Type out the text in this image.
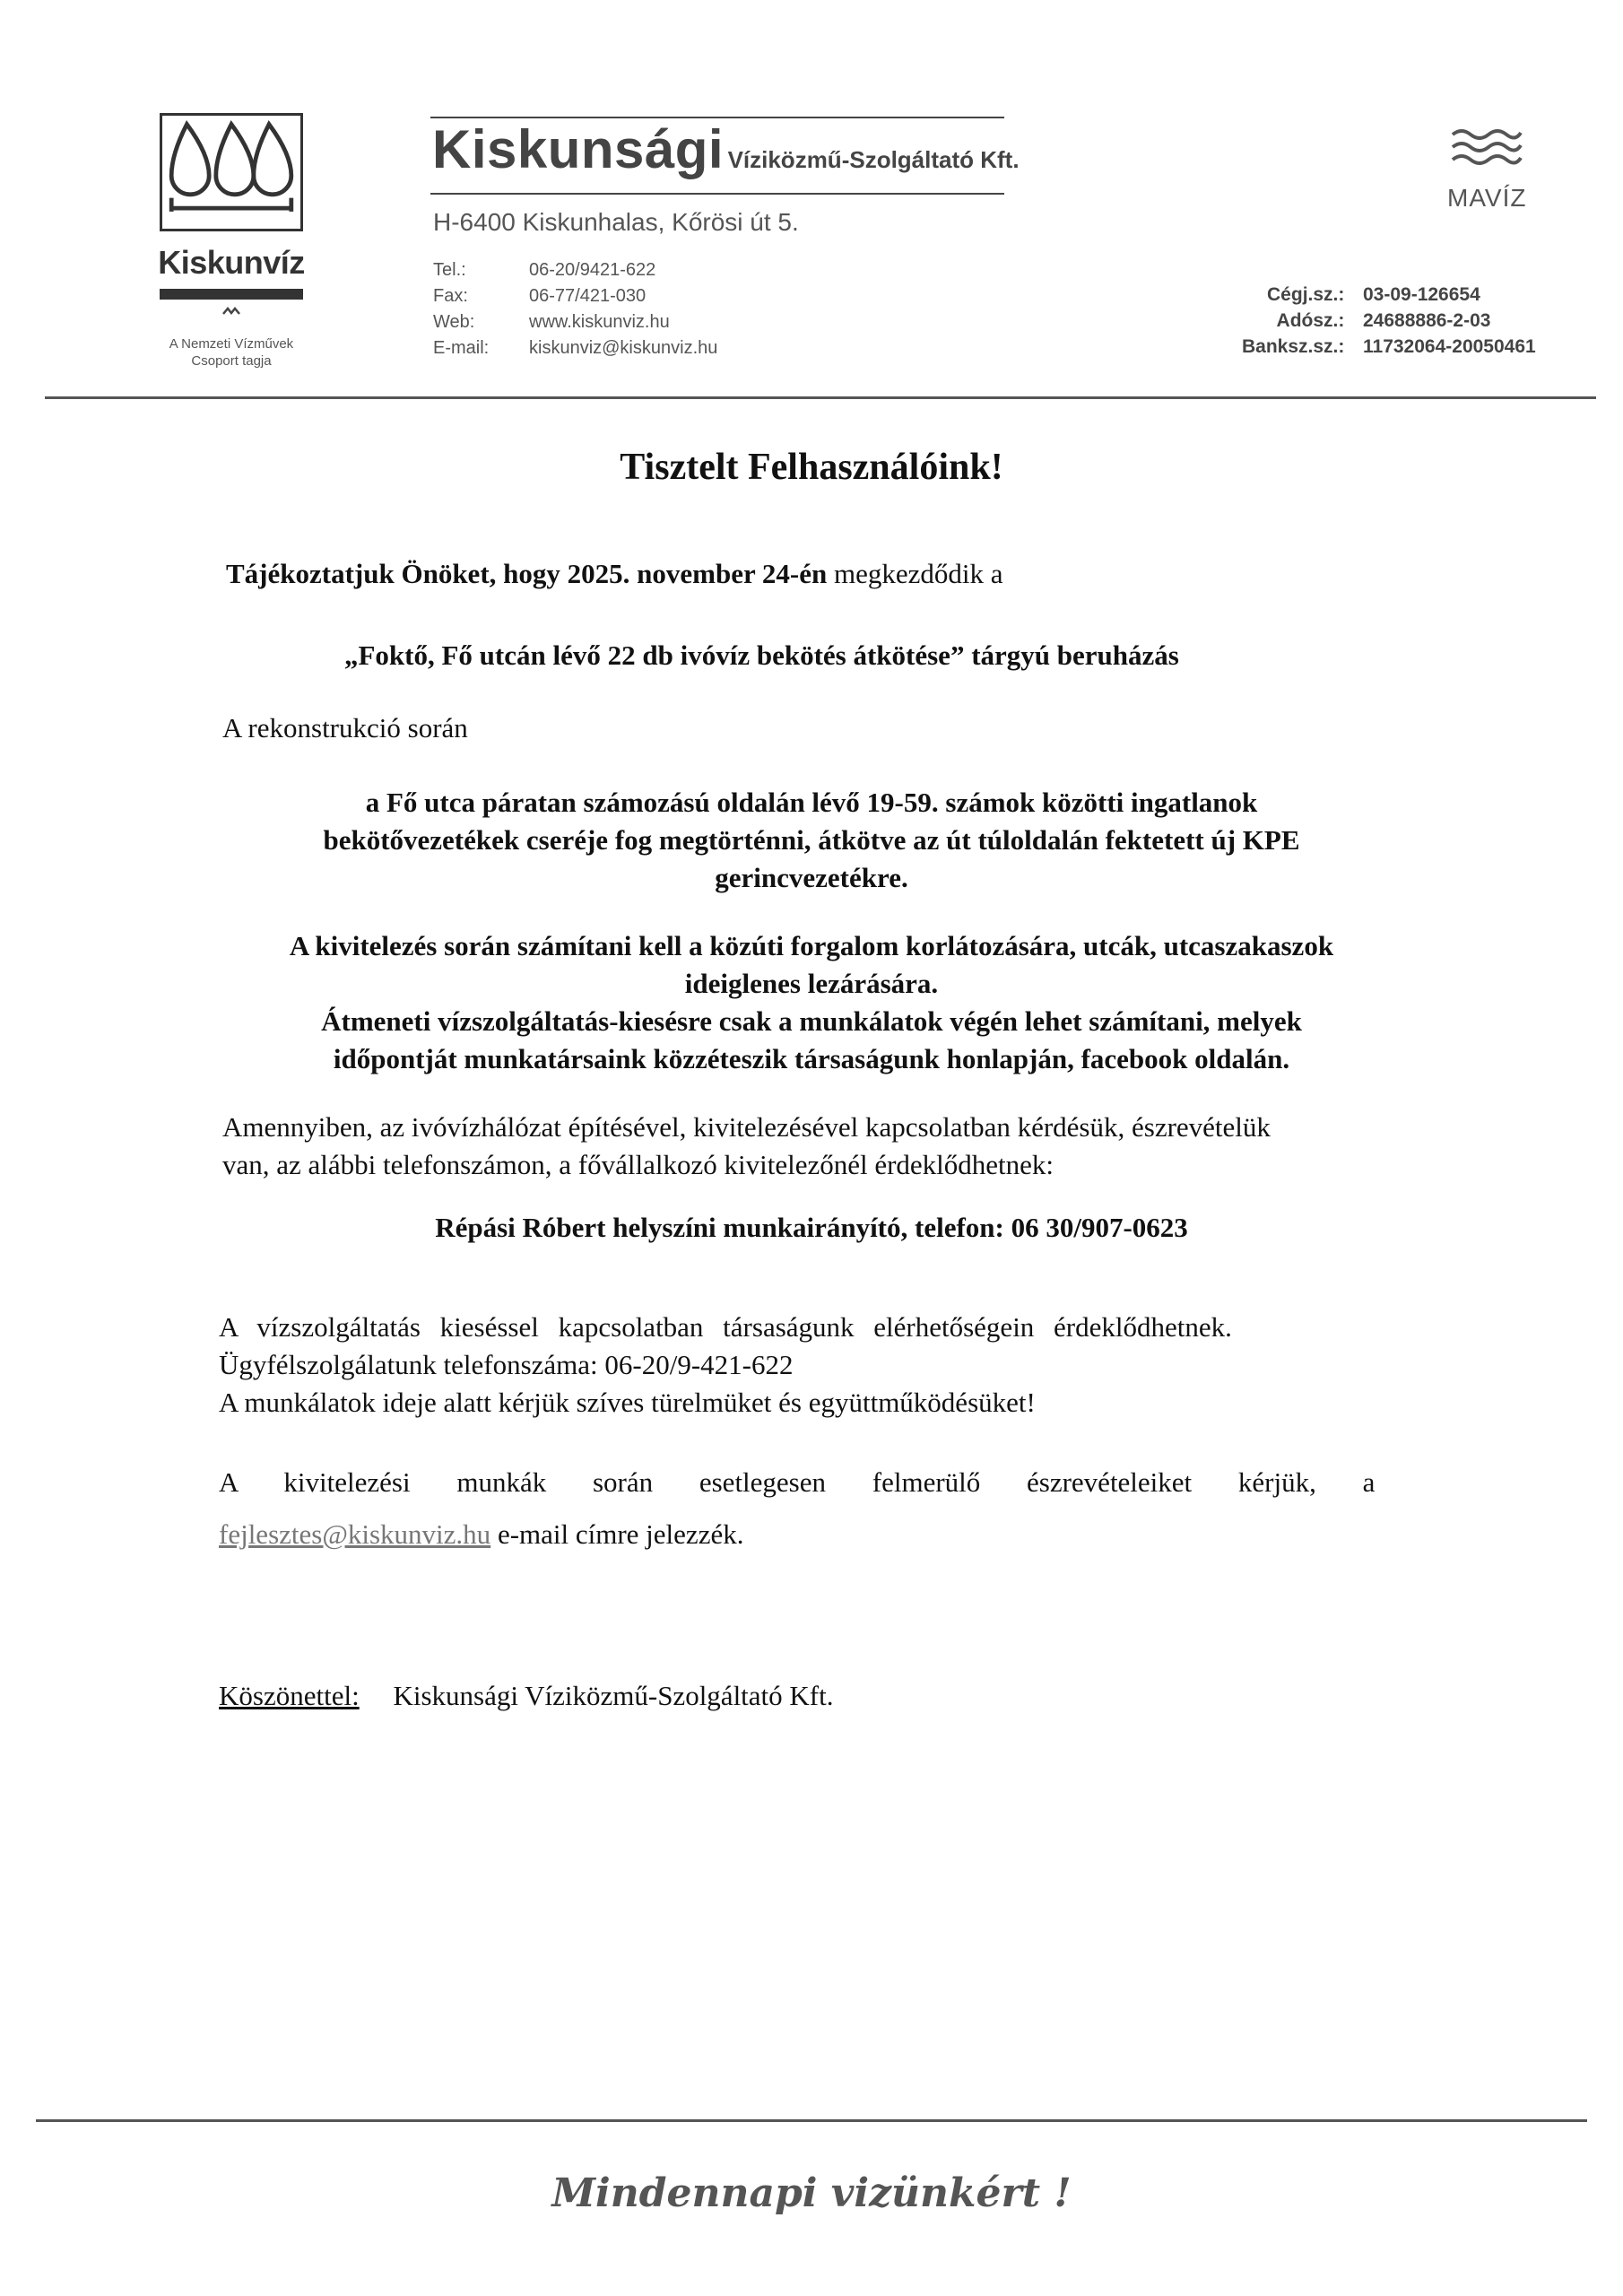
Kiskunvíz
A Nemzeti Vízművek
Csoport tagja
Kiskunsági Víziközmű-Szolgáltató Kft.
H-6400 Kiskunhalas, Kőrösi út 5.
Tel.:
Fax:
Web:
E-mail:
06-20/9421-622
06-77/421-030
www.kiskunviz.hu
kiskunviz@kiskunviz.hu
MAVÍZ
Cégj.sz.:
Adósz.:
Banksz.sz.:
03-09-126654
24688886-2-03
11732064-20050461
Tisztelt Felhasználóink!
Tájékoztatjuk Önöket, hogy 2025. november 24-én megkezdődik a
„Foktő, Fő utcán lévő 22 db ivóvíz bekötés átkötése” tárgyú beruházás
A rekonstrukció során
a Fő utca páratan számozású oldalán lévő 19-59. számok közötti ingatlanok
bekötővezetékek cseréje fog megtörténni, átkötve az út túloldalán fektetett új KPE
gerincvezetékre.
A kivitelezés során számítani kell a közúti forgalom korlátozására, utcák, utcaszakaszok
ideiglenes lezárására.
Átmeneti vízszolgáltatás-kiesésre csak a munkálatok végén lehet számítani, melyek
időpontját munkatársaink közzéteszik társaságunk honlapján, facebook oldalán.
Amennyiben, az ivóvízhálózat építésével, kivitelezésével kapcsolatban kérdésük, észrevételük
van, az alábbi telefonszámon, a fővállalkozó kivitelezőnél érdeklődhetnek:
Répási Róbert helyszíni munkairányító, telefon: 06 30/907-0623
A vízszolgáltatás kieséssel kapcsolatban társaságunk elérhetőségein érdeklődhetnek.
Ügyfélszolgálatunk telefonszáma: 06-20/9-421-622
A munkálatok ideje alatt kérjük szíves türelmüket és együttműködésüket!
A kivitelezési munkák során esetlegesen felmerülő észrevételeiket kérjük, a
fejlesztes@kiskunviz.hu e-mail címre jelezzék.
Köszönettel: Kiskunsági Víziközmű-Szolgáltató Kft.
Mindennapi vizünkért !
